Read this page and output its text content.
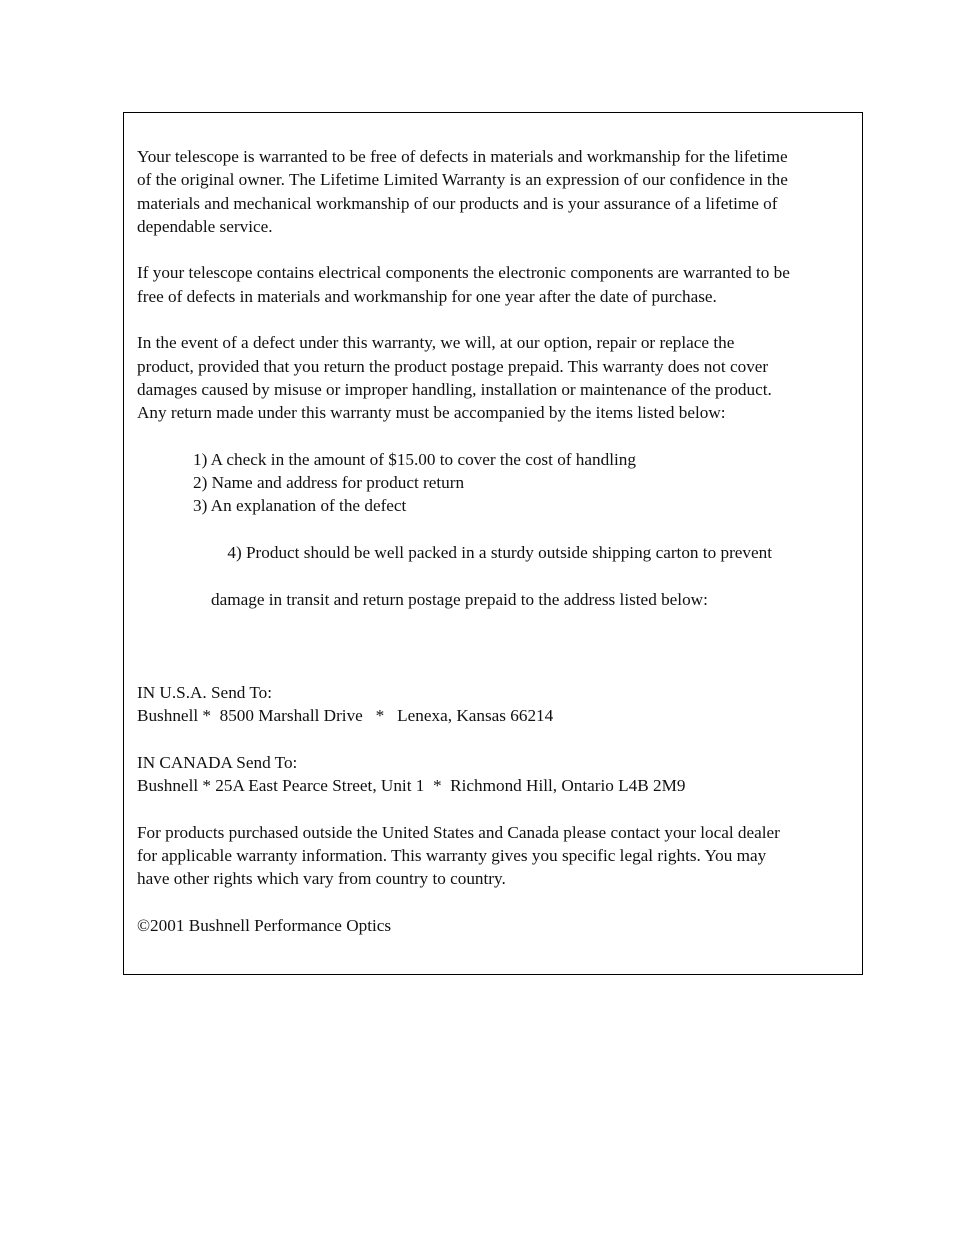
Your telescope is warranted to be free of defects in materials and workmanship for the lifetime
of the original owner. The Lifetime Limited Warranty is an expression of our confidence in the
materials and mechanical workmanship of our products and is your assurance of a lifetime of
dependable service.

If your telescope contains electrical components the electronic components are warranted to be
free of defects in materials and workmanship for one year after the date of purchase.

In the event of a defect under this warranty, we will, at our option, repair or replace the
product, provided that you return the product postage prepaid. This warranty does not cover
damages caused by misuse or improper handling, installation or maintenance of the product.
Any return made under this warranty must be accompanied by the items listed below:

1) A check in the amount of $15.00 to cover the cost of handling
2) Name and address for product return
3) An explanation of the defect

4) Product should be well packed in a sturdy outside shipping carton to prevent

damage in transit and return postage prepaid to the address listed below:

IN U.S.A. Send To:
Bushnell *  8500 Marshall Drive   *   Lenexa, Kansas 66214

IN CANADA Send To:
Bushnell * 25A East Pearce Street, Unit 1  *  Richmond Hill, Ontario L4B 2M9

For products purchased outside the United States and Canada please contact your local dealer
for applicable warranty information. This warranty gives you specific legal rights. You may
have other rights which vary from country to country.

©2001 Bushnell Performance Optics
